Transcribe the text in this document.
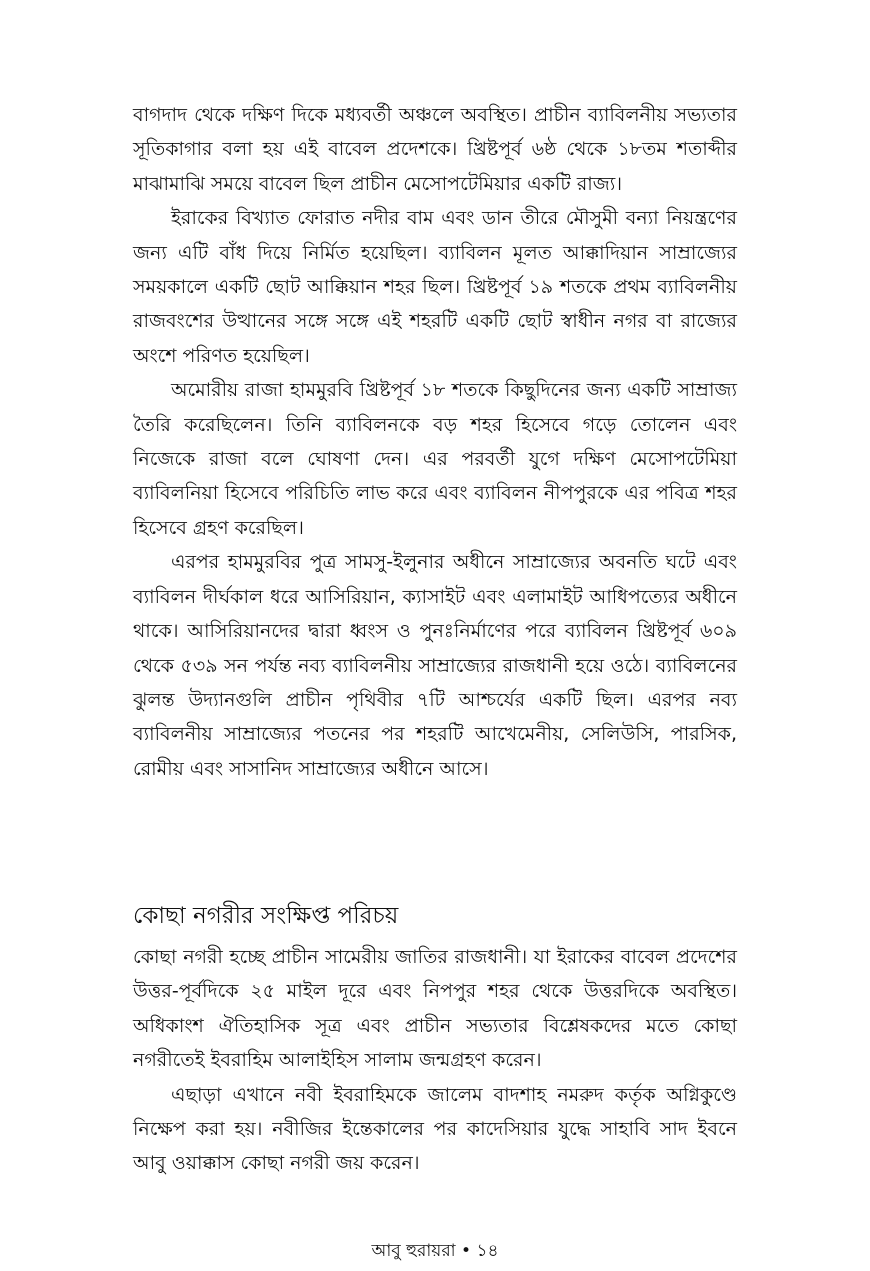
বাগদাদ থেকে দক্ষিণ দিকে মধ্যবর্তী অঞ্চলে অবস্থিত। প্রাচীন ব্যাবিলনীয় সভ্যতার সূতিকাগার বলা হয় এই বাবেল প্রদেশকে। খ্রিষ্টপূর্ব ৬ষ্ঠ থেকে ১৮তম শতাব্দীর মাঝামাঝি সময়ে বাবেল ছিল প্রাচীন মেসোপটেমিয়ার একটি রাজ্য।

ইরাকের বিখ্যাত ফোরাত নদীর বাম এবং ডান তীরে মৌসুমী বন্যা নিয়ন্ত্রণের জন্য এটি বাঁধ দিয়ে নির্মিত হয়েছিল। ব্যাবিলন মূলত আক্কাদিয়ান সাম্রাজ্যের সময়কালে একটি ছোট আক্কিয়ান শহর ছিল। খ্রিষ্টপূর্ব ১৯ শতকে প্রথম ব্যাবিলনীয় রাজবংশের উত্থানের সঙ্গে সঙ্গে এই শহরটি একটি ছোট স্বাধীন নগর বা রাজ্যের অংশে পরিণত হয়েছিল।

অমোরীয় রাজা হামমুরবি খ্রিষ্টপূর্ব ১৮ শতকে কিছুদিনের জন্য একটি সাম্রাজ্য তৈরি করেছিলেন। তিনি ব্যাবিলনকে বড় শহর হিসেবে গড়ে তোলেন এবং নিজেকে রাজা বলে ঘোষণা দেন। এর পরবর্তী যুগে দক্ষিণ মেসোপটেমিয়া ব্যাবিলনিয়া হিসেবে পরিচিতি লাভ করে এবং ব্যাবিলন নীপপুরকে এর পবিত্র শহর হিসেবে গ্রহণ করেছিল।

এরপর হামমুরবির পুত্র সামসু-ইলুনার অধীনে সাম্রাজ্যের অবনতি ঘটে এবং ব্যাবিলন দীর্ঘকাল ধরে আসিরিয়ান, ক্যাসাইট এবং এলামাইট আধিপত্যের অধীনে থাকে। আসিরিয়ানদের দ্বারা ধ্বংস ও পুনঃনির্মাণের পরে ব্যাবিলন খ্রিষ্টপূর্ব ৬০৯ থেকে ৫৩৯ সন পর্যন্ত নব্য ব্যাবিলনীয় সাম্রাজ্যের রাজধানী হয়ে ওঠে। ব্যাবিলনের ঝুলন্ত উদ্যানগুলি প্রাচীন পৃথিবীর ৭টি আশ্চর্যের একটি ছিল। এরপর নব্য ব্যাবিলনীয় সাম্রাজ্যের পতনের পর শহরটি আখেমেনীয়, সেলিউসি, পারসিক, রোমীয় এবং সাসানিদ সাম্রাজ্যের অধীনে আসে।

কোছা নগরীর সংক্ষিপ্ত পরিচয়

কোছা নগরী হচ্ছে প্রাচীন সামেরীয় জাতির রাজধানী। যা ইরাকের বাবেল প্রদেশের উত্তর-পূর্বদিকে ২৫ মাইল দূরে এবং নিপপুর শহর থেকে উত্তরদিকে অবস্থিত। অধিকাংশ ঐতিহাসিক সূত্র এবং প্রাচীন সভ্যতার বিশ্লেষকদের মতে কোছা নগরীতেই ইবরাহিম আলাইহিস সালাম জন্মগ্রহণ করেন।

এছাড়া এখানে নবী ইবরাহিমকে জালেম বাদশাহ নমরুদ কর্তৃক অগ্নিকুণ্ডে নিক্ষেপ করা হয়। নবীজির ইন্তেকালের পর কাদেসিয়ার যুদ্ধে সাহাবি সাদ ইবনে আবু ওয়াক্কাস কোছা নগরী জয় করেন।

আবু হুরায়রা • ১৪
